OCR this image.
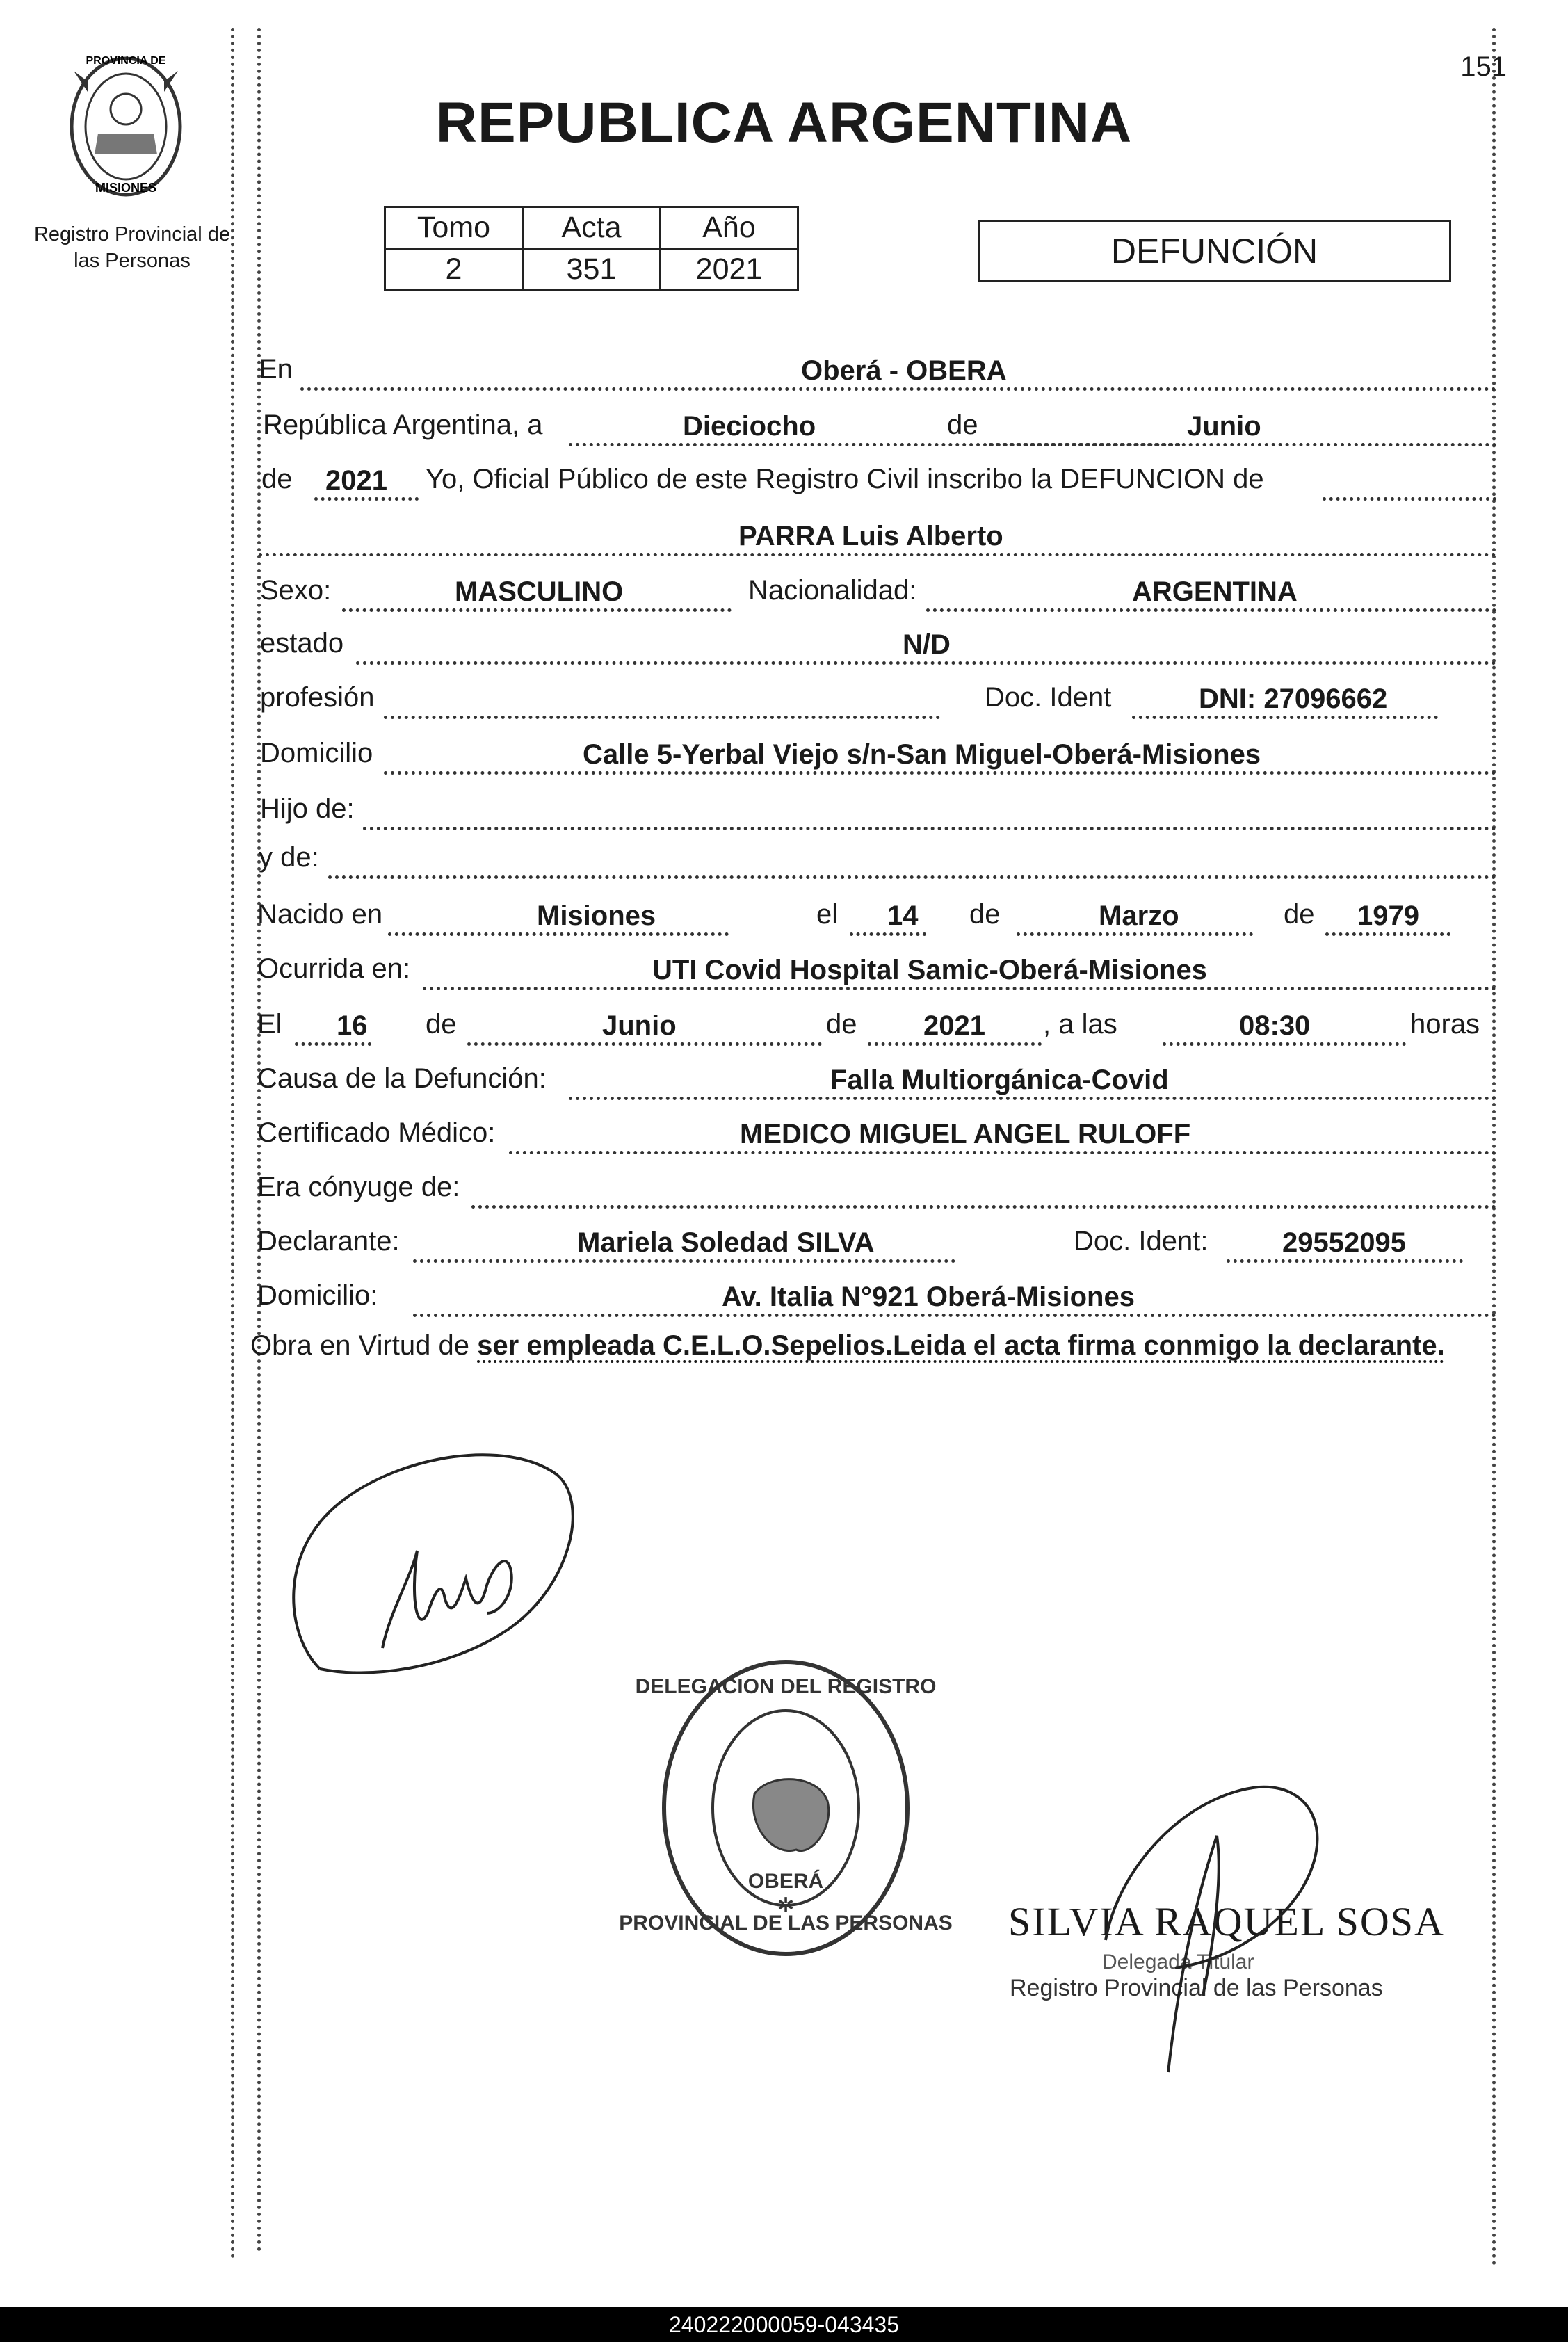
PROVINCIA DE
MISIONES
Registro Provincial de las Personas
REPUBLICA ARGENTINA
151
Tomo	Acta	Año
2	351	2021	DEFUNCIÓN
En	Oberá - OBERA
República Argentina, a	Dieciocho	de	Junio
de 2021 Yo, Oficial Público de este Registro Civil inscribo la DEFUNCION de
PARRA Luis Alberto
Sexo:	MASCULINO	Nacionalidad:	ARGENTINA
estado	N/D
profesión	Doc. Ident	DNI: 27096662
Domicilio	Calle 5-Yerbal Viejo s/n-San Miguel-Oberá-Misiones
Hijo de:
y de:
Nacido en	Misiones	el 14 de	Marzo	de 1979
Ocurrida en:	UTI Covid Hospital Samic-Oberá-Misiones
El 16 de	Junio	de 2021 , a las	08:30	horas
Causa de la Defunción:	Falla Multiorgánica-Covid
Certificado Médico:	MEDICO MIGUEL ANGEL RULOFF
Era cónyuge de:
Declarante:	Mariela Soledad SILVA	Doc. Ident:	29552095
Domicilio:	Av. Italia N°921 Oberá-Misiones
Obra en Virtud de ser empleada C.E.L.O.Sepelios.Leida el acta firma conmigo la declarante.
DELEGACION DEL REGISTRO
PROVINCIAL DE LAS PERSONAS
OBERÁ
✲	SILVIA RAQUEL SOSA
Delegada Titular
Registro Provincial de las Personas
240222000059-043435
